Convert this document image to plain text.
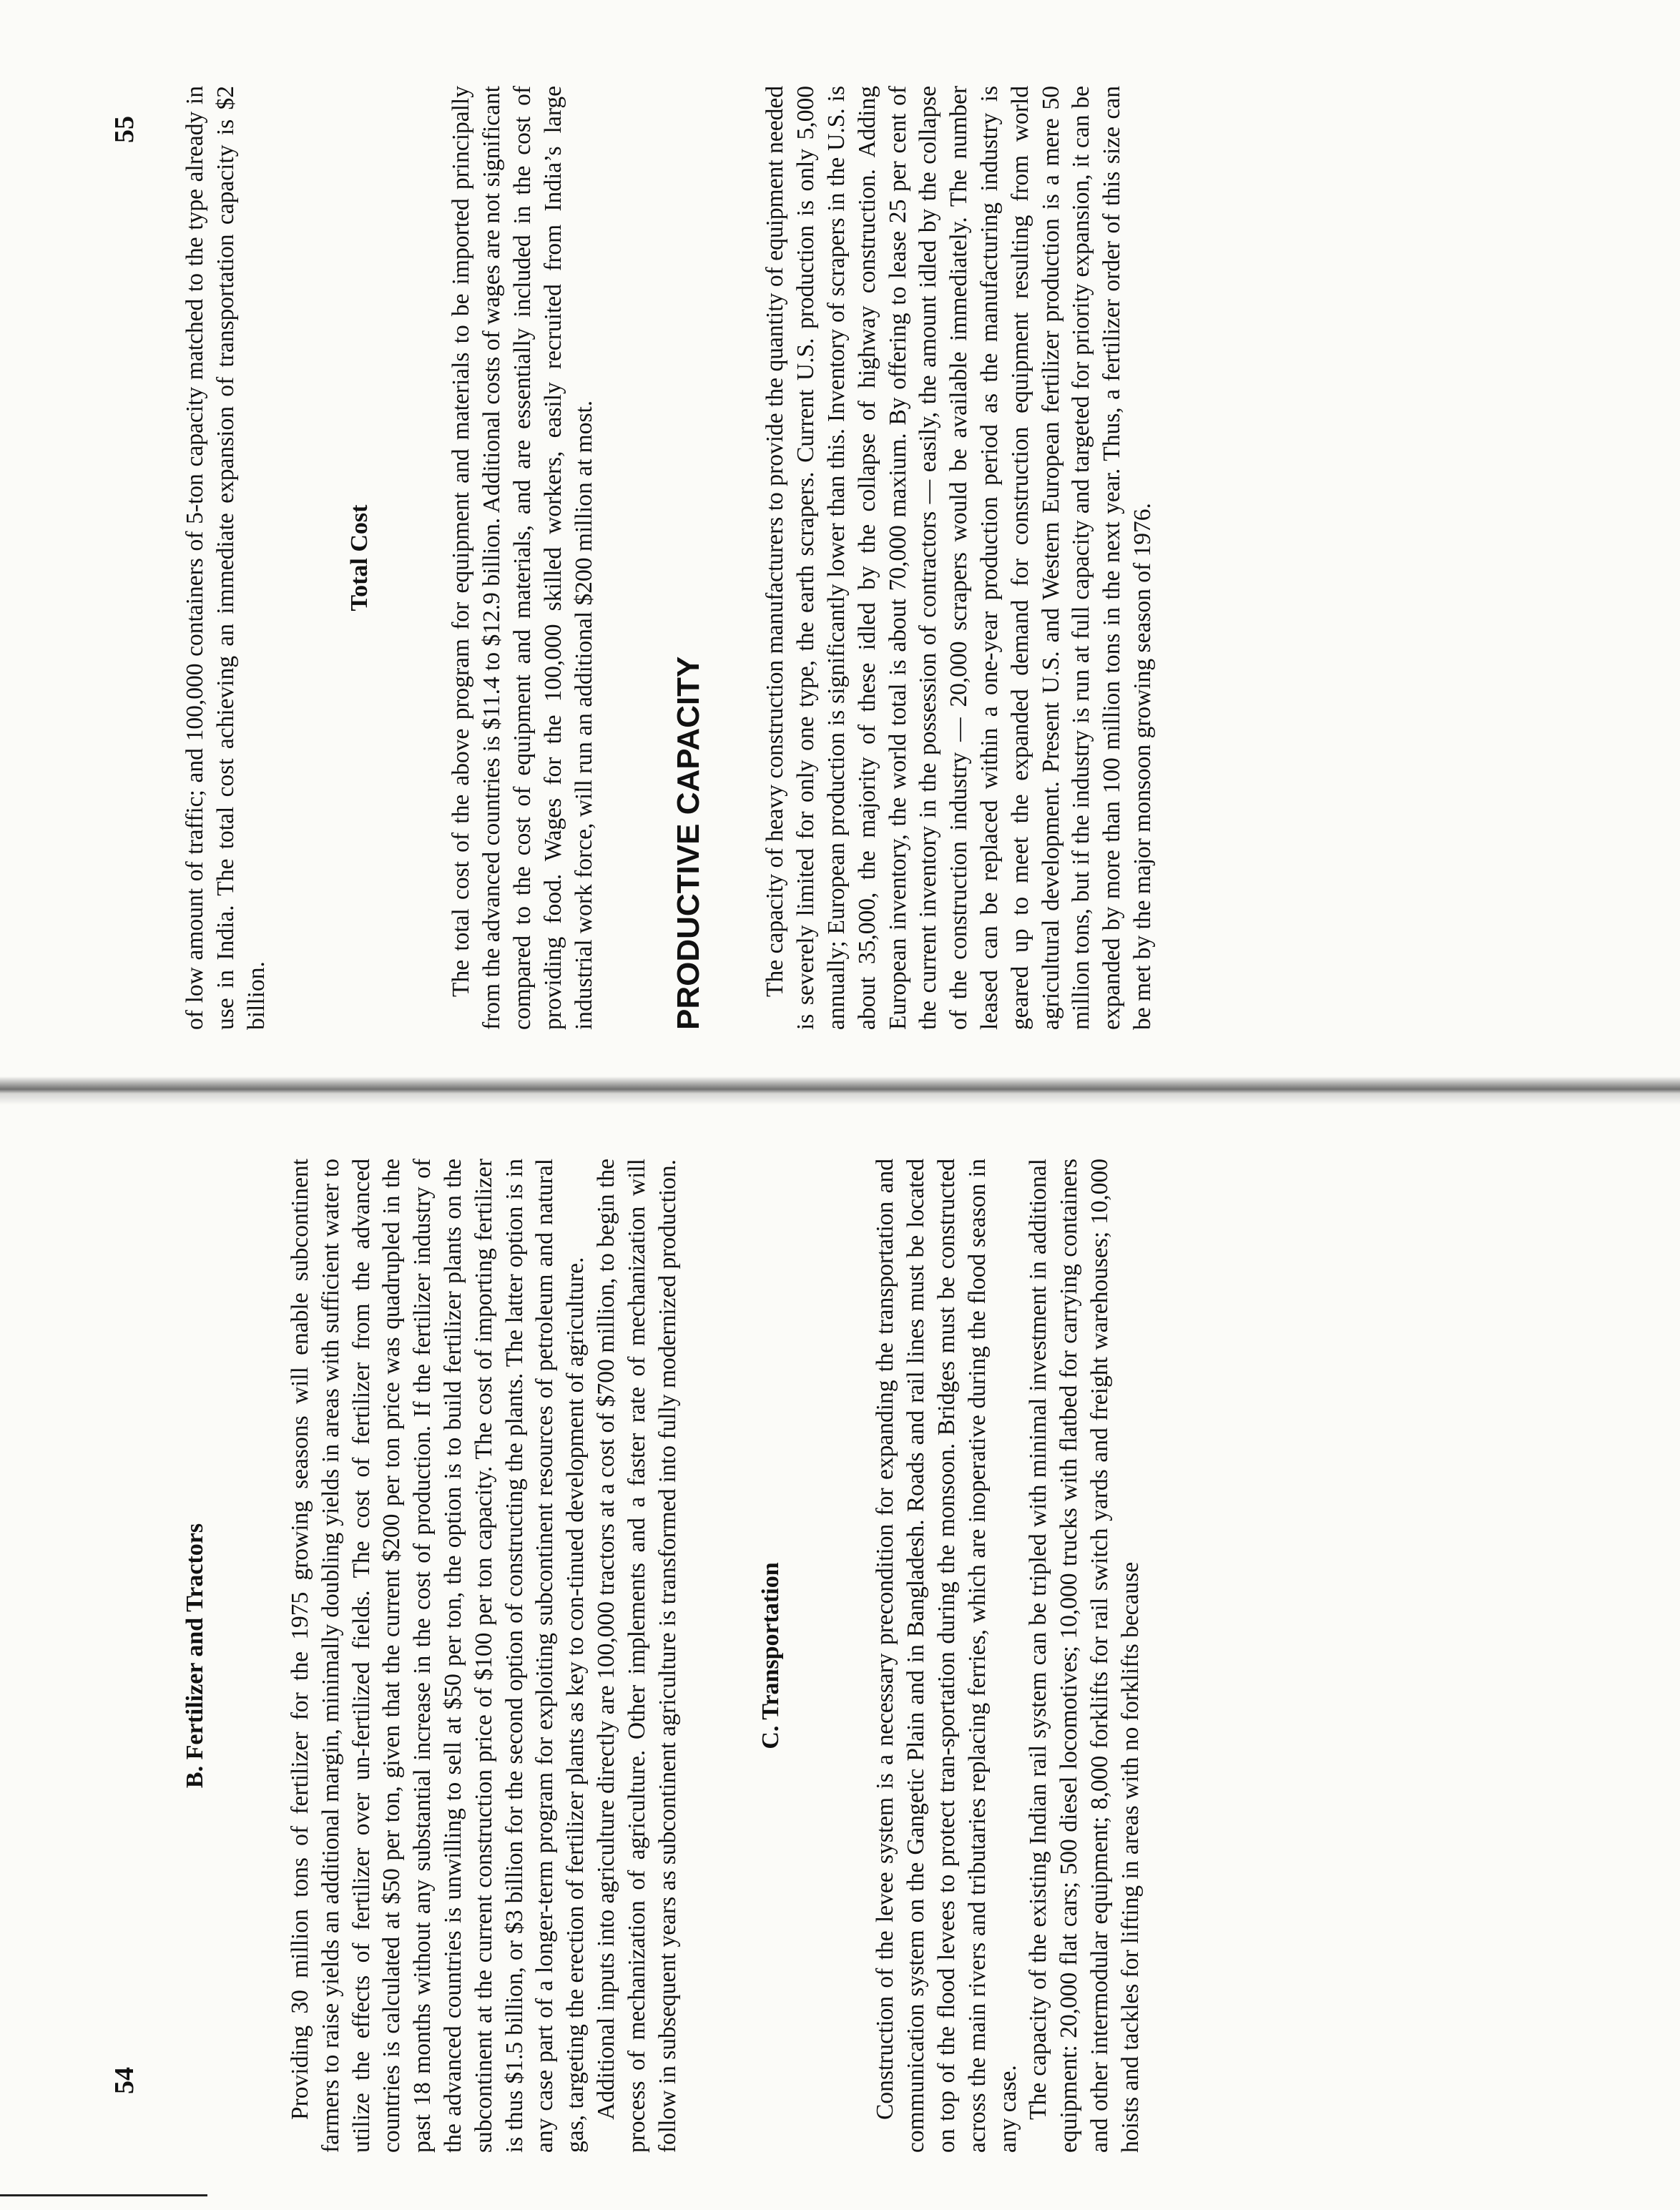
54
55
B. Fertilizer and Tractors	Providing 30 million tons of fertilizer for the 1975 growing seasons will enable subcontinent farmers to raise yields an additional margin, minimally doubling yields in areas with sufficient water to utilize the effects of fertilizer over un-fertilized fields. The cost of fertilizer from the advanced countries is calculated at $50 per ton, given that the current $200 per ton price was quadrupled in the past 18 months without any substantial increase in the cost of production. If the fertilizer industry of the advanced countries is unwilling to sell at $50 per ton, the option is to build fertilizer plants on the subcontinent at the current construction price of $100 per ton capacity. The cost of importing fertilizer is thus $1.5 billion, or $3 billion for the second option of constructing the plants. The latter option is in any case part of a longer-term program for exploiting subcontinent resources of petroleum and natural gas, targeting the erection of fertilizer plants as key to con-tinued development of agriculture. Additional inputs into agriculture directly are 100,000 tractors at a cost of $700 million, to begin the process of mechanization of agriculture. Other implements and a faster rate of mechanization will follow in subsequent years as subcontinent agriculture is transformed into fully modernized production.	C. Transportation	Construction of the levee system is a necessary precondition for expanding the transportation and communication system on the Gangetic Plain and in Bangladesh. Roads and rail lines must be located on top of the flood levees to protect tran-sportation during the monsoon. Bridges must be constructed across the main rivers and tributaries replacing ferries, which are inoperative during the flood season in any case. The capacity of the existing Indian rail system can be tripled with minimal investment in additional equipment: 20,000 flat cars; 500 diesel locomotives; 10,000 trucks with flatbed for carrying containers and other intermodular equipment; 8,000 forklifts for rail switch yards and freight warehouses; 10,000 hoists and tackles for lifting in areas with no forklifts because

of low amount of traffic; and 100,000 containers of 5-ton capacity matched to the type already in use in India. The total cost achieving an immediate expansion of transportation capacity is $2 billion.

Total Cost	The total cost of the above program for equipment and materials to be imported principally from the advanced countries is $11.4 to $12.9 billion. Additional costs of wages are not significant compared to the cost of equipment and materials, and are essentially included in the cost of providing food. Wages for the 100,000 skilled workers, easily recruited from India’s large industrial work force, will run an additional $200 million at most. PRODUCTIVE CAPACITY The capacity of heavy construction manufacturers to provide the quantity of equipment needed is severely limited for only one type, the earth scrapers. Current U.S. production is only 5,000 annually; European production is significantly lower than this. Inventory of scrapers in the U.S. is about 35,000, the majority of these idled by the collapse of highway construction. Adding European inventory, the world total is about 70,000 maxium. By offering to lease 25 per cent of the current inventory in the possession of contractors — easily, the amount idled by the collapse of the construction industry — 20,000 scrapers would be available immediately. The number leased can be replaced within a one-year production period as the manufacturing industry is geared up to meet the expanded demand for construction equipment resulting from world agricultural development. Present U.S. and Western European fertilizer production is a mere 50 million tons, but if the industry is run at full capacity and targeted for priority expansion, it can be expanded by more than 100 million tons in the next year. Thus, a fertilizer order of this size can be met by the major monsoon growing season of 1976.
